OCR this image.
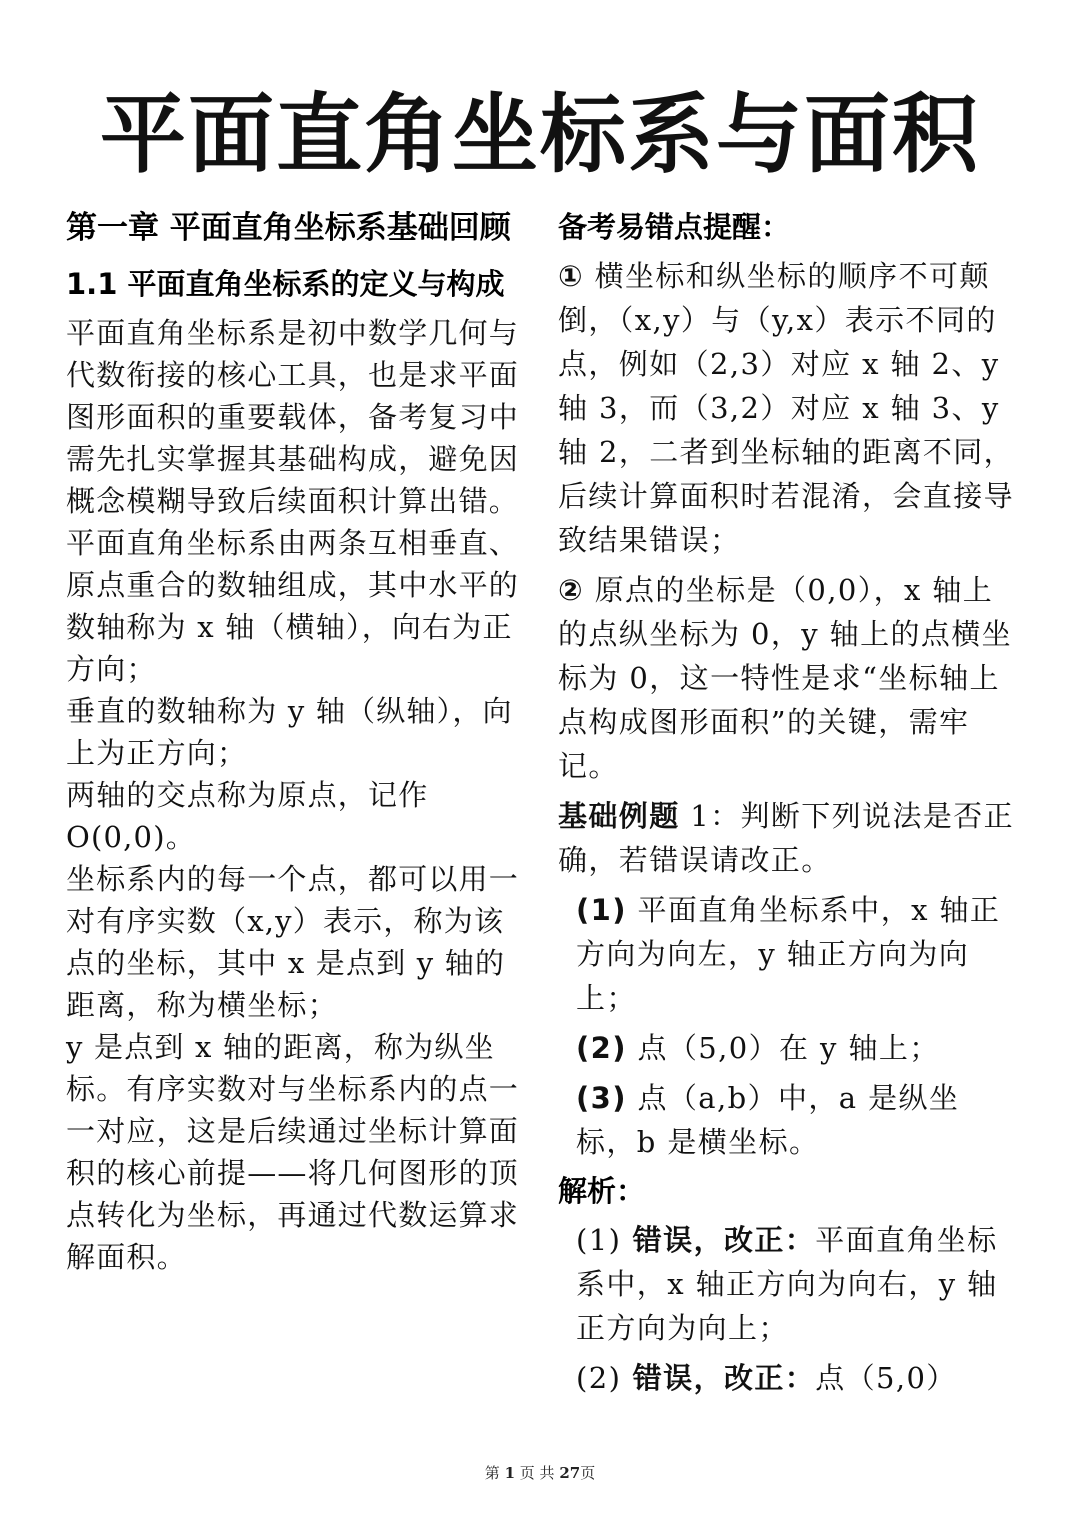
平面直角坐标系与面积
第一章 平面直角坐标系基础回顾
1.1 平面直角坐标系的定义与构成

平面直角坐标系是初中数学几何与代数衔接的核心工具，也是求平面图形面积的重要载体，备考复习中需先扎实掌握其基础构成，避免因概念模糊导致后续面积计算出错。

平面直角坐标系由两条互相垂直、原点重合的数轴组成，其中水平的数轴称为 x 轴（横轴），向右为正方向；

垂直的数轴称为 y 轴（纵轴），向上为正方向；

两轴的交点称为原点，记作O(0,0)。

坐标系内的每一个点，都可以用一对有序实数（x,y）表示，称为该点的坐标，其中 x 是点到 y 轴的距离，称为横坐标；

y 是点到 x 轴的距离，称为纵坐标。有序实数对与坐标系内的点一一对应，这是后续通过坐标计算面积的核心前提——将几何图形的顶点转化为坐标，再通过代数运算求解面积。

备考易错点提醒：

① 横坐标和纵坐标的顺序不可颠倒，（x,y）与（y,x）表示不同的点，例如（2,3）对应 x 轴 2、y 轴 3，而（3,2）对应 x 轴 3、y 轴 2，二者到坐标轴的距离不同，后续计算面积时若混淆，会直接导致结果错误；

② 原点的坐标是（0,0），x 轴上的点纵坐标为 0，y 轴上的点横坐标为 0，这一特性是求“坐标轴上点构成图形面积”的关键，需牢记。

基础例题 1：判断下列说法是否正确，若错误请改正。

(1) 平面直角坐标系中，x 轴正方向为向左，y 轴正方向为向上；

(2) 点（5,0）在 y 轴上；

(3) 点（a,b）中，a 是纵坐标，b 是横坐标。

解析：

(1) 错误，改正：平面直角坐标系中，x 轴正方向为向右，y 轴正方向为向上；

(2) 错误，改正：点（5,0）

第 1 页 共 27页
